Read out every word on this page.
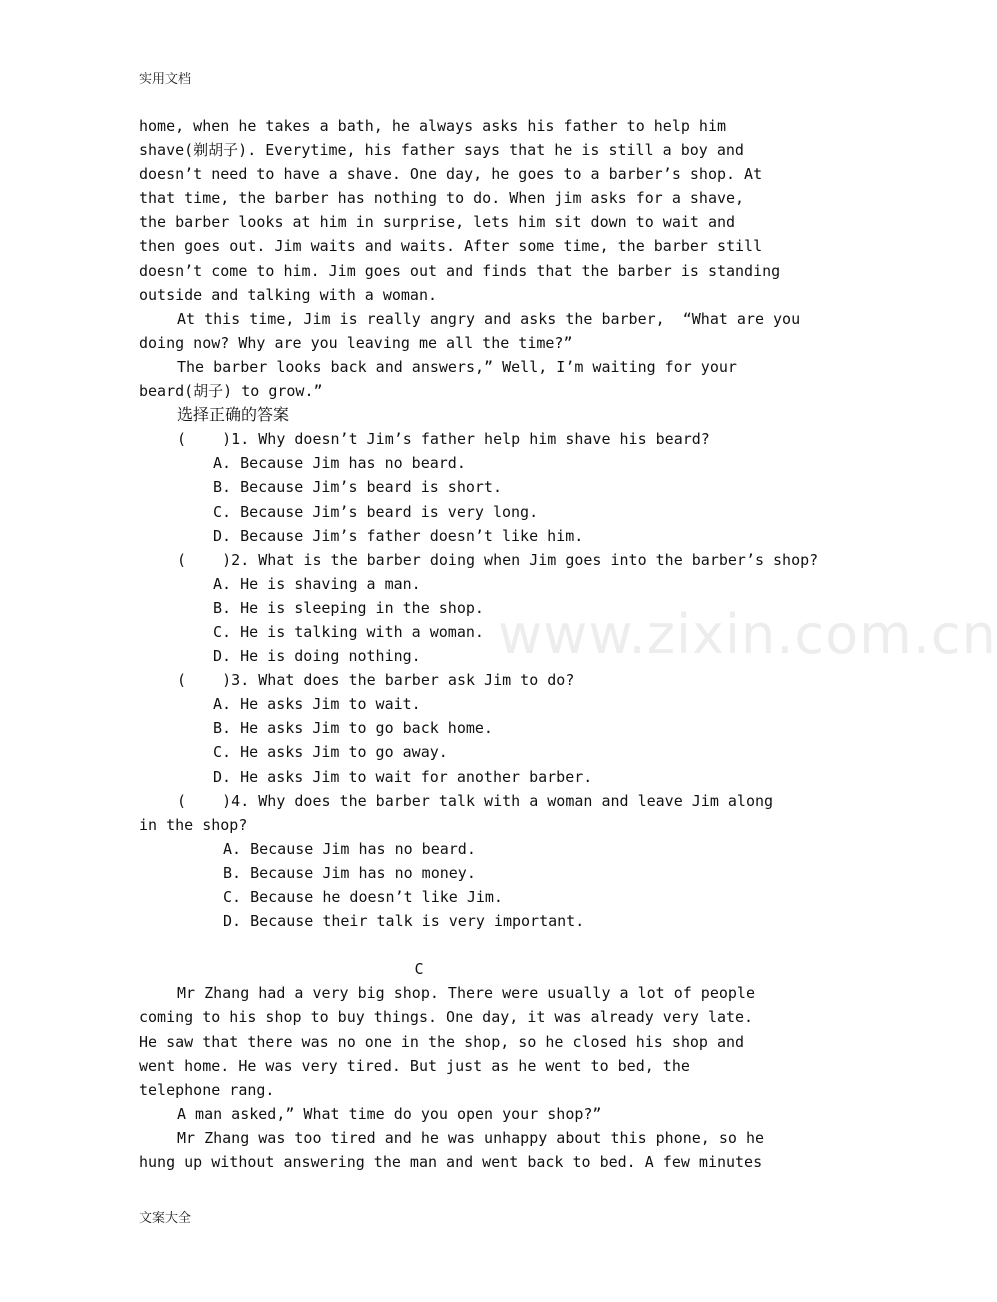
实用文档
www.zixin.com.cn
home, when he takes a bath, he always asks his father to help him
shave(剃胡子). Everytime, his father says that he is still a boy and
doesn’t need to have a shave. One day, he goes to a barber’s shop. At
that time, the barber has nothing to do. When jim asks for a shave,
the barber looks at him in surprise, lets him sit down to wait and
then goes out. Jim waits and waits. After some time, the barber still
doesn’t come to him. Jim goes out and finds that the barber is standing
outside and talking with a woman.
At this time, Jim is really angry and asks the barber,  “What are you
doing now? Why are you leaving me all the time?”
The barber looks back and answers,” Well, I’m waiting for your
beard(胡子) to grow.”
选择正确的答案
(    )1. Why doesn’t Jim’s father help him shave his beard?
A. Because Jim has no beard.
B. Because Jim’s beard is short.
C. Because Jim’s beard is very long.
D. Because Jim’s father doesn’t like him.
(    )2. What is the barber doing when Jim goes into the barber’s shop?
A. He is shaving a man.
B. He is sleeping in the shop.
C. He is talking with a woman.
D. He is doing nothing.
(    )3. What does the barber ask Jim to do?
A. He asks Jim to wait.
B. He asks Jim to go back home.
C. He asks Jim to go away.
D. He asks Jim to wait for another barber.
(    )4. Why does the barber talk with a woman and leave Jim along
in the shop?
A. Because Jim has no beard.
B. Because Jim has no money.
C. Because he doesn’t like Jim.
D. Because their talk is very important.
C
Mr Zhang had a very big shop. There were usually a lot of people
coming to his shop to buy things. One day, it was already very late.
He saw that there was no one in the shop, so he closed his shop and
went home. He was very tired. But just as he went to bed, the
telephone rang.
A man asked,” What time do you open your shop?”
Mr Zhang was too tired and he was unhappy about this phone, so he
hung up without answering the man and went back to bed. A few minutes
文案大全
